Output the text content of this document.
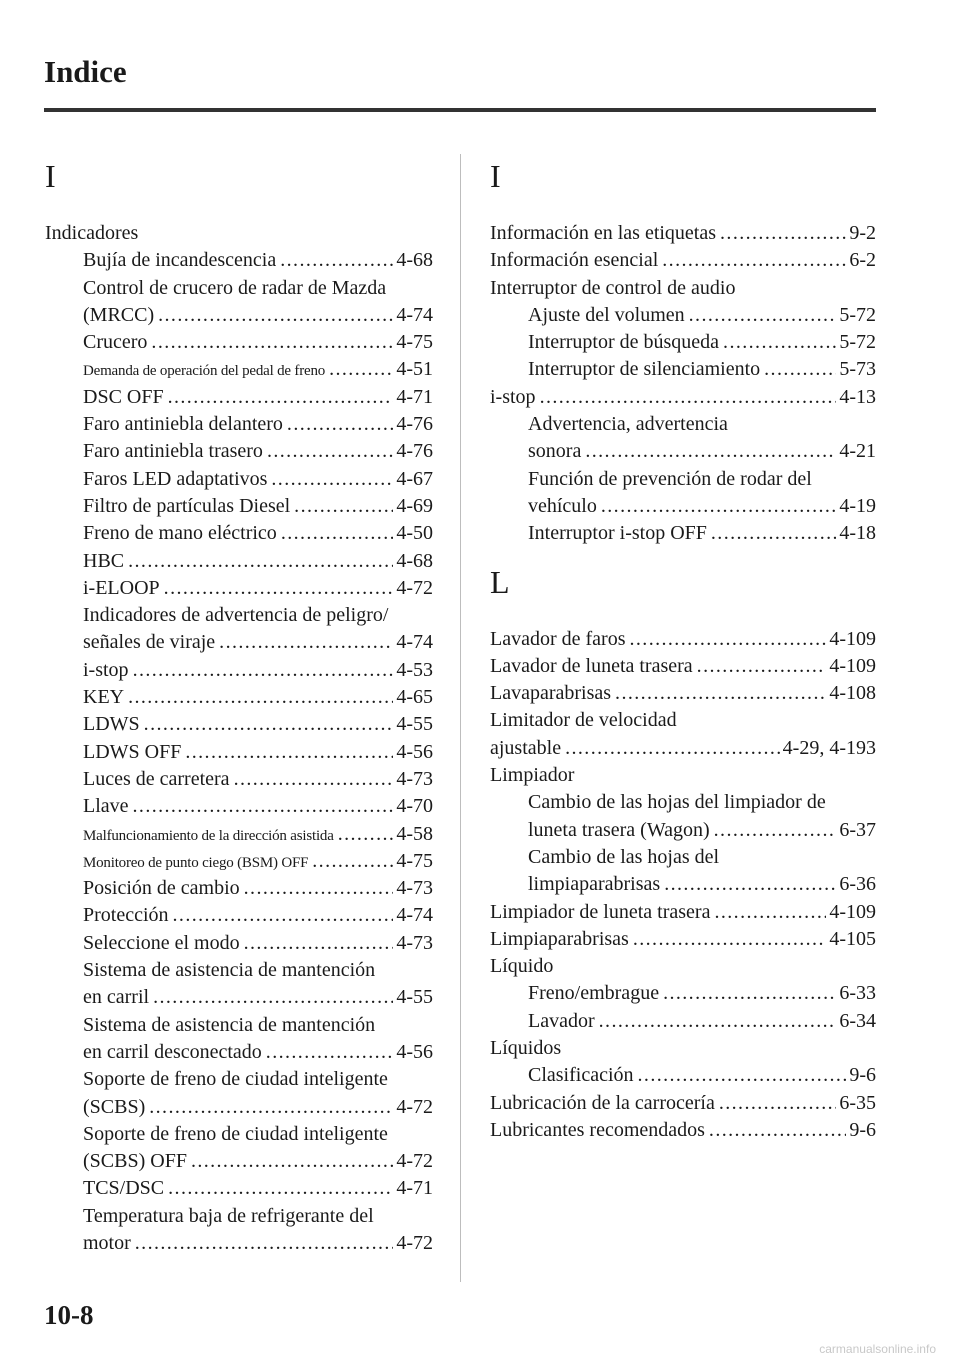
Indice
I
Indicadores
Bujía de incandescencia .....	4-68
Control de crucero de radar de Mazda
(MRCC) .....	4-74
Crucero .....	4-75
Demanda de operación del pedal de freno .....	4-51
DSC OFF .....	4-71
Faro antiniebla delantero .....	4-76
Faro antiniebla trasero .....	4-76
Faros LED adaptativos .....	4-67
Filtro de partículas Diesel .....	4-69
Freno de mano eléctrico .....	4-50
HBC .....	4-68
i-ELOOP .....	4-72
Indicadores de advertencia de peligro/
señales de viraje .....	4-74
i-stop .....	4-53
KEY .....	4-65
LDWS .....	4-55
LDWS OFF .....	4-56
Luces de carretera .....	4-73
Llave .....	4-70
Malfuncionamiento de la dirección asistida .....	4-58
Monitoreo de punto ciego (BSM) OFF .....	4-75
Posición de cambio .....	4-73
Protección .....	4-74
Seleccione el modo .....	4-73
Sistema de asistencia de mantención
en carril .....	4-55
Sistema de asistencia de mantención
en carril desconectado .....	4-56
Soporte de freno de ciudad inteligente
(SCBS) .....	4-72
Soporte de freno de ciudad inteligente
(SCBS) OFF .....	4-72
TCS/DSC .....	4-71
Temperatura baja de refrigerante del
motor .....	4-72
I
Información en las etiquetas .....	9-2
Información esencial .....	6-2
Interruptor de control de audio
Ajuste del volumen .....	5-72
Interruptor de búsqueda .....	5-72
Interruptor de silenciamiento .....	5-73
i-stop .....	4-13
Advertencia, advertencia
sonora .....	4-21
Función de prevención de rodar del
vehículo .....	4-19
Interruptor i-stop OFF .....	4-18
L
Lavador de faros .....	4-109
Lavador de luneta trasera .....	4-109
Lavaparabrisas .....	4-108
Limitador de velocidad
ajustable .....	4-29, 4-193
Limpiador
Cambio de las hojas del limpiador de
luneta trasera (Wagon) .....	6-37
Cambio de las hojas del
limpiaparabrisas .....	6-36
Limpiador de luneta trasera .....	4-109
Limpiaparabrisas .....	4-105
Líquido
Freno/embrague .....	6-33
Lavador .....	6-34
Líquidos
Clasificación .....	9-6
Lubricación de la carrocería .....	6-35
Lubricantes recomendados .....	9-6
10-8
carmanualsonline.info
